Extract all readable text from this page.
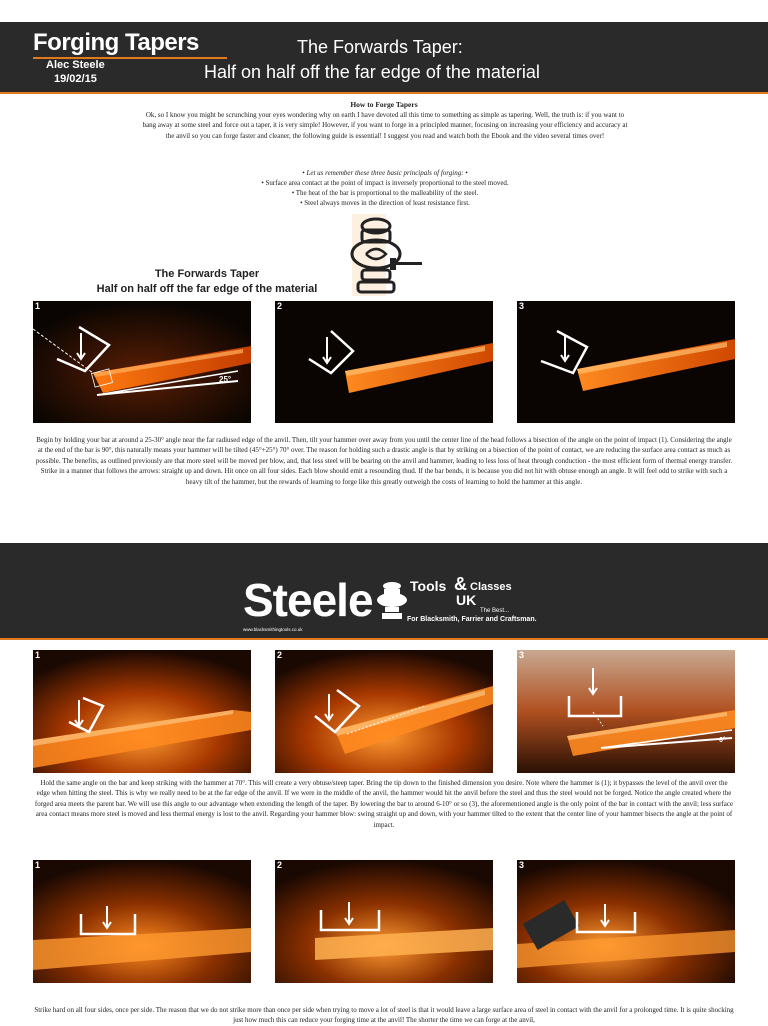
Forging Tapers
Alec Steele
19/02/15
The Forwards Taper:
Half on half off the far edge of the material
How to Forge Tapers

Ok, so I know you might be scrunching your eyes wondering why on earth I have devoted all this time to something as simple as tapering. Well, the truth is: if you want to bang away at some steel and force out a taper, it is very simple! However, if you want to forge in a principled manner, focusing on increasing your efficiency and accuracy at the anvil so you can forge faster and cleaner, the following guide is essential! I suggest you read and watch both the Ebook and the video several times over!

• Let us remember these three basic principals of forging: •
• Surface area contact at the point of impact is inversely proportional to the steel moved.
• The heat of the bar is proportional to the malleability of the steel.
• Steel always moves in the direction of least resistance first.
The Forwards Taper
Half on half off the far edge of the material
25°
1	2	3
Begin by holding your bar at around a 25-30° angle near the far radiused edge of the anvil. Then, tilt your hammer over away from you until the center line of the head follows a bisection of the angle on the point of impact (1). Considering the angle at the end of the bar is 90°, this naturally means your hammer will be tilted (45°+25°) 70° over. The reason for holding such a drastic angle is that by striking on a bisection of the point of contact, we are reducing the surface area contact as much as possible. The benefits, as outlined previously are that more steel will be moved per blow, and, that less steel will be bearing on the anvil and hammer, leading to less loss of heat through conduction - the most efficient form of thermal energy transfer. Strike in a manner that follows the arrows: straight up and down. Hit once on all four sides. Each blow should emit a resounding thud. If the bar bends, it is because you did not hit with obtuse enough an angle. It will feel odd to strike with such a heavy tilt of the hammer, but the rewards of learning to forge like this greatly outweigh the costs of learning to hold the hammer at this angle.
Steele	Tools & Classes
UK
The Best...
For Blacksmith, Farrier and Craftsman.
www.blacksmithingtools.co.uk
1	2
6°
3
Hold the same angle on the bar and keep striking with the hammer at 70°. This will create a very obtuse/steep taper. Bring the tip down to the finished dimension you desire. Note where the hammer is (1); it bypasses the level of the anvil over the edge when hitting the steel. This is why we really need to be at the far edge of the anvil. If we were in the middle of the anvil, the hammer would hit the anvil before the steel and thus the steel would not be forged. Notice the angle created where the forged area meets the parent bar. We will use this angle to our advantage when extending the length of the taper. By lowering the bar to around 6-10° or so (3), the aforementioned angle is the only point of the bar in contact with the anvil; less surface area contact means more steel is moved and less thermal energy is lost to the anvil. Regarding your hammer blow: swing straight up and down, with your hammer tilted to the extent that the center line of your hammer bisects the angle at the point of impact.
1	2	3
Strike hard on all four sides, once per side. The reason that we do not strike more than once per side when trying to move a lot of steel is that it would leave a large surface area of steel in contact with the anvil for a prolonged time. It is quite shocking just how much this can reduce your forging time at the anvil! The shorter the time we can forge at the anvil,
